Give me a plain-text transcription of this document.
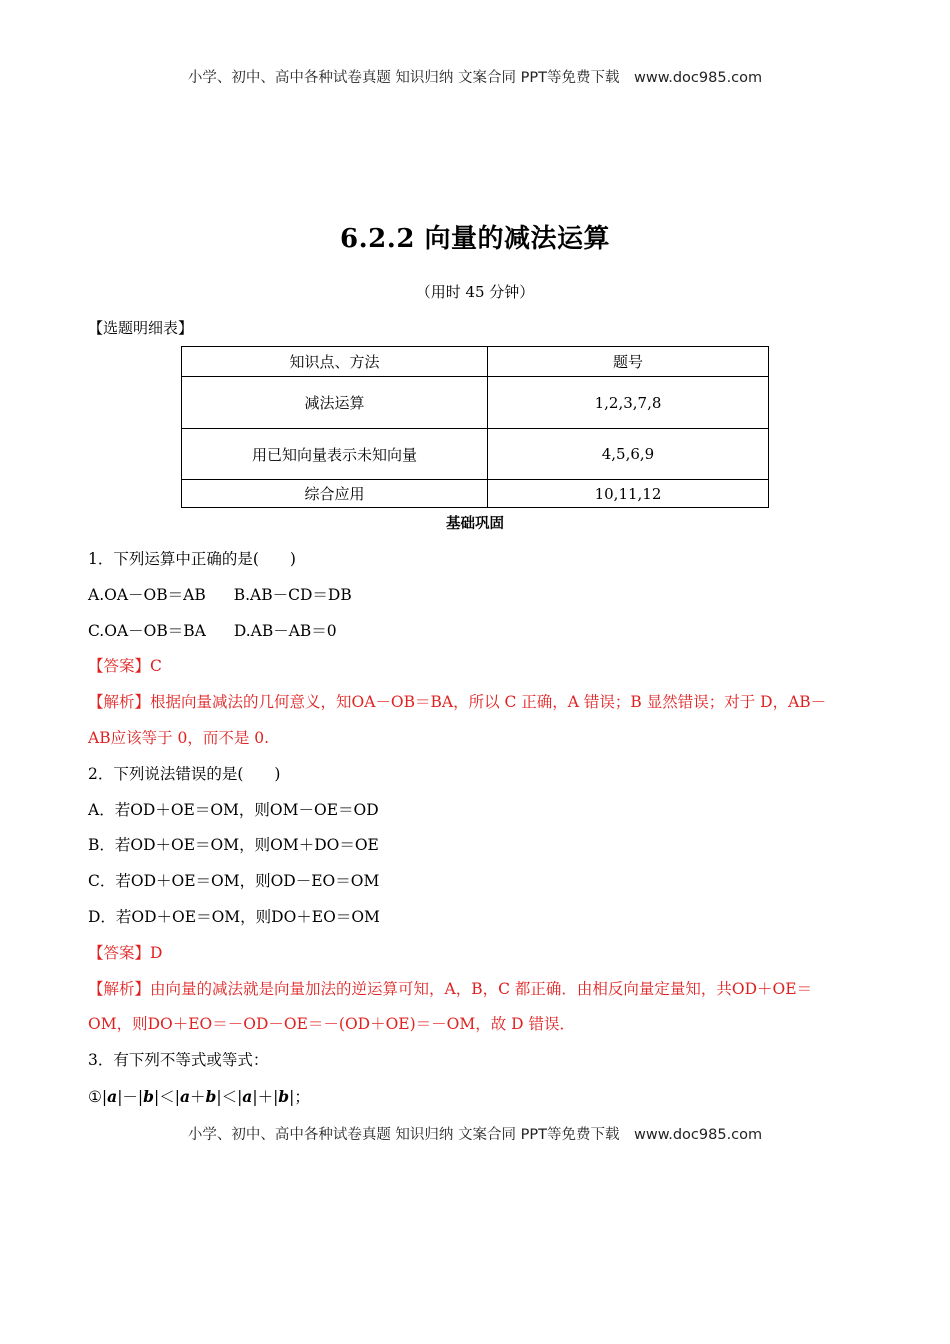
小学、初中、高中各种试卷真题 知识归纳 文案合同 PPT等免费下载　www.doc985.com
6.2.2 向量的减法运算
（用时 45 分钟）
【选题明细表】
知识点、方法	题号
减法运算	1,2,3,7,8
用已知向量表示未知向量	4,5,6,9
综合应用	10,11,12
基础巩固
1．下列运算中正确的是(　　)
A.OA－OB＝AB B.AB－CD＝DB
C.OA－OB＝BA D.AB－AB＝0
【答案】C
【解析】根据向量减法的几何意义，知OA－OB＝BA，所以 C 正确，A 错误；B 显然错误；对于 D，AB－
AB应该等于 0，而不是 0.
2．下列说法错误的是(　　)
A．若OD＋OE＝OM，则OM－OE＝OD
B．若OD＋OE＝OM，则OM＋DO＝OE
C．若OD＋OE＝OM，则OD－EO＝OM
D．若OD＋OE＝OM，则DO＋EO＝OM
【答案】D
【解析】由向量的减法就是向量加法的逆运算可知，A，B，C 都正确．由相反向量定量知，共OD＋OE＝
OM，则DO＋EO＝－OD－OE＝－(OD＋OE)＝－OM，故 D 错误．
3．有下列不等式或等式：
①|a|－|b|＜|a＋b|＜|a|＋|b|；
小学、初中、高中各种试卷真题 知识归纳 文案合同 PPT等免费下载　www.doc985.com
